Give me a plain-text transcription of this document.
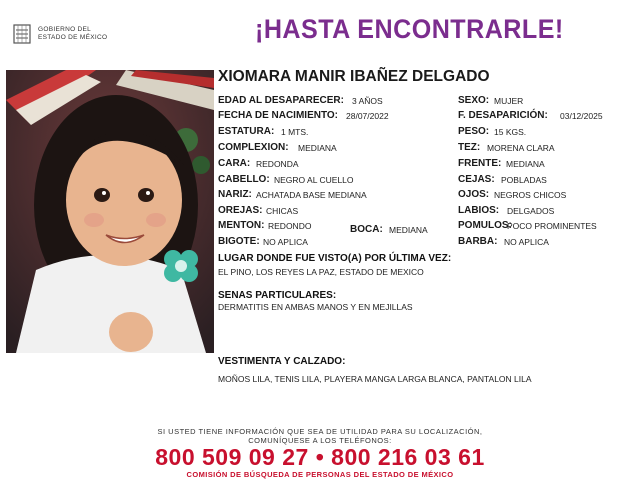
GOBIERNO DEL
ESTADO DE MÉXICO	¡HASTA ENCONTRARLE!
XIOMARA MANIR IBAÑEZ DELGADO
EDAD AL DESAPARECER: 3 AÑOS
FECHA DE NACIMIENTO: 28/07/2022
ESTATURA: 1 MTS.
COMPLEXION: MEDIANA
CARA: REDONDA
CABELLO: NEGRO AL CUELLO
NARIZ: ACHATADA BASE MEDIANA
OREJAS: CHICAS
MENTON: REDONDO
BIGOTE: NO APLICA
BOCA: MEDIANA
SEXO: MUJER
F. DESAPARICIÓN: 03/12/2025
PESO: 15 KGS.
TEZ: MORENA CLARA
FRENTE: MEDIANA
CEJAS: POBLADAS
OJOS: NEGROS CHICOS
LABIOS: DELGADOS
POMULOS:
POCO PROMINENTES
BARBA: NO APLICA
LUGAR DONDE FUE VISTO(A) POR ÚLTIMA VEZ:
EL PINO, LOS REYES LA PAZ, ESTADO DE MEXICO
SENAS PARTICULARES:
DERMATITIS EN AMBAS MANOS Y EN MEJILLAS
VESTIMENTA Y CALZADO:
MOÑOS LILA, TENIS LILA, PLAYERA MANGA LARGA BLANCA, PANTALON LILA
SI USTED TIENE INFORMACIÓN QUE SEA DE UTILIDAD PARA SU LOCALIZACIÓN,
COMUNÍQUESE A LOS TELÉFONOS:
800 509 09 27 • 800 216 03 61
COMISIÓN DE BÚSQUEDA DE PERSONAS DEL ESTADO DE MÉXICO
